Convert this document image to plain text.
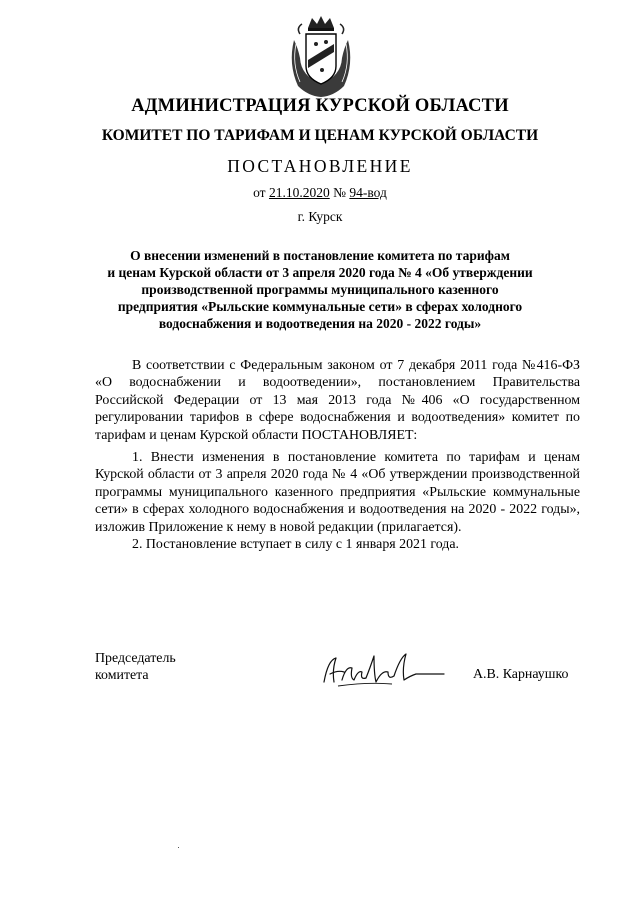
АДМИНИСТРАЦИЯ КУРСКОЙ ОБЛАСТИ
КОМИТЕТ ПО ТАРИФАМ И ЦЕНАМ КУРСКОЙ ОБЛАСТИ
ПОСТАНОВЛЕНИЕ
от 21.10.2020 № 94-вод
г. Курск
О внесении изменений в постановление комитета по тарифам
и ценам Курской области от 3 апреля 2020 года № 4 «Об утверждении
производственной программы муниципального казенного
предприятия «Рыльские коммунальные сети» в сферах холодного
водоснабжения и водоотведения на 2020 - 2022 годы»

В соответствии с Федеральным законом от 7 декабря 2011 года №416-ФЗ «О водоснабжении и водоотведении», постановлением Правительства Российской Федерации от 13 мая 2013 года №406 «О государственном регулировании тарифов в сфере водоснабжения и водоотведения» комитет по тарифам и ценам Курской области ПОСТАНОВЛЯЕТ:

1. Внести изменения в постановление комитета по тарифам и ценам Курской области от 3 апреля 2020 года № 4 «Об утверждении производственной программы муниципального казенного предприятия «Рыльские коммунальные сети» в сферах холодного водоснабжения и водоотведения на 2020 - 2022 годы», изложив Приложение к нему в новой редакции (прилагается).

2. Постановление вступает в силу с 1 января 2021 года.

Председатель
комитета	А.В. Карнаушко
